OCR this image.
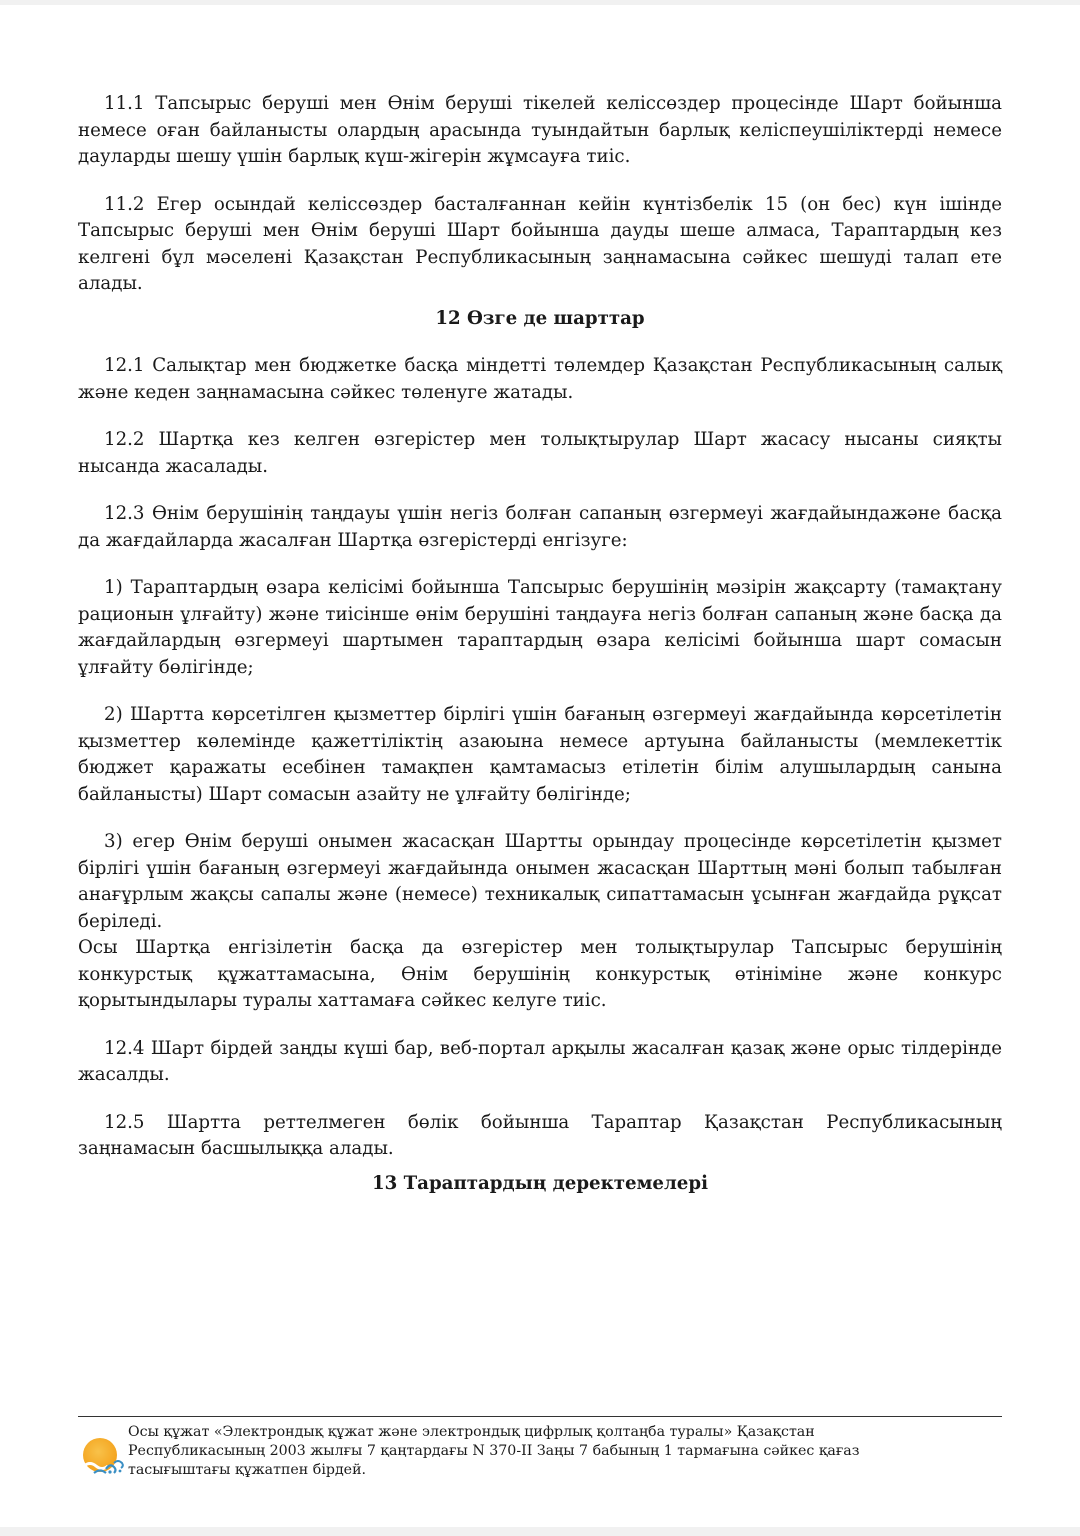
11.1 Тапсырыс беруші мен Өнім беруші тікелей келіссөздер процесінде Шарт бойынша немесе оған байланысты олардың арасында туындайтын барлық келіспеушіліктерді немесе дауларды шешу үшін барлық күш-жігерін жұмсауға тиіс.

11.2 Егер осындай келіссөздер басталғаннан кейін күнтізбелік 15 (он бес) күн ішінде Тапсырыс беруші мен Өнім беруші Шарт бойынша дауды шеше алмаса, Тараптардың кез келгені бұл мәселені Қазақстан Республикасының заңнамасына сәйкес шешуді талап ете алады.

12 Өзге де шарттар

12.1 Салықтар мен бюджетке басқа міндетті төлемдер Қазақстан Республикасының салық және кеден заңнамасына сәйкес төленуге жатады.

12.2 Шартқа кез келген өзгерістер мен толықтырулар Шарт жасасу нысаны сияқты нысанда жасалады.

12.3 Өнім берушінің таңдауы үшін негіз болған сапаның өзгермеуі жағдайындажәне басқа да жағдайларда жасалған Шартқа өзгерістерді енгізуге:

1) Тараптардың өзара келісімі бойынша Тапсырыс берушінің мәзірін жақсарту (тамақтану рационын ұлғайту) және тиісінше өнім берушіні таңдауға негіз болған сапаның және басқа да жағдайлардың өзгермеуі шартымен тараптардың өзара келісімі бойынша шарт сомасын ұлғайту бөлігінде;

2) Шартта көрсетілген қызметтер бірлігі үшін бағаның өзгермеуі жағдайында көрсетілетін қызметтер көлемінде қажеттіліктің азаюына немесе артуына байланысты (мемлекеттік бюджет қаражаты есебінен тамақпен қамтамасыз етілетін білім алушылардың санына байланысты) Шарт сомасын азайту не ұлғайту бөлігінде;

3) егер Өнім беруші онымен жасасқан Шартты орындау процесінде көрсетілетін қызмет бірлігі үшін бағаның өзгермеуі жағдайында онымен жасасқан Шарттың мәні болып табылған анағұрлым жақсы сапалы және (немесе) техникалық сипаттамасын ұсынған жағдайда рұқсат беріледі.

Осы Шартқа енгізілетін басқа да өзгерістер мен толықтырулар Тапсырыс берушінің конкурстық құжаттамасына, Өнім берушінің конкурстық өтініміне және конкурс қорытындылары туралы хаттамаға сәйкес келуге тиіс.

12.4 Шарт бірдей заңды күші бар, веб-портал арқылы жасалған қазақ және орыс тілдерінде жасалды.

12.5 Шартта реттелмеген бөлік бойынша Тараптар Қазақстан Республикасының заңнамасын басшылыққа алады.

13 Тараптардың деректемелері
Осы құжат «Электрондық құжат және электрондық цифрлық қолтаңба туралы» Қазақстан Республикасының 2003 жылғы 7 қаңтардағы N 370-II Заңы 7 бабының 1 тармағына сәйкес қағаз тасығыштағы құжатпен бірдей.
